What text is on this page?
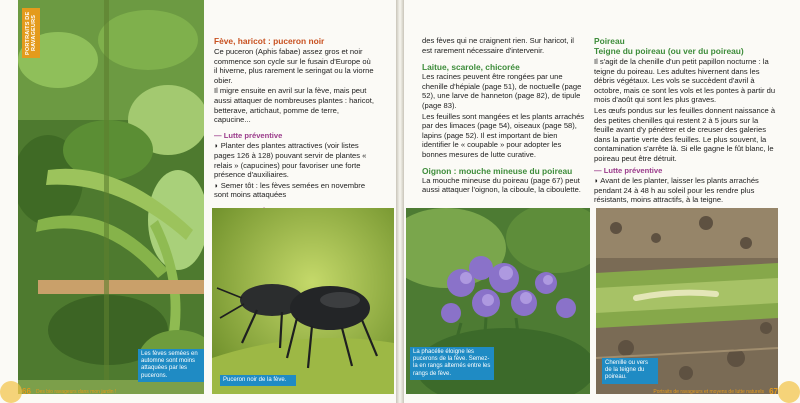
PORTRAITS DE RAVAGEURS
Les fèves semées en automne sont moins attaquées par les pucerons.
Fève, haricot : puceron noir

Ce puceron (Aphis fabae) assez gros et noir commence son cycle sur le fusain d'Europe où il hiverne, plus rarement le seringat ou la viorne obier.

Il migre ensuite en avril sur la fève, mais peut aussi attaquer de nombreuses plantes : haricot, betterave, artichaut, pomme de terre, capucine...

— Lutte préventive

◗ Planter des plantes attractives (voir listes pages 126 à 128) pouvant servir de plantes « relais » (capucines) pour favoriser une forte présence d'auxiliaires.

◗ Semer tôt : les fèves semées en novembre sont moins attaquées

Puceron noir de la fève.
66 Des bio ravageurs dans mon jardin !

des fèves qui ne craignent rien. Sur haricot, il est rarement nécessaire d'intervenir.

Laitue, scarole, chicorée

Les racines peuvent être rongées par une chenille d'hépiale (page 51), de noctuelle (page 52), une larve de hanneton (page 82), de tipule (page 83).

Les feuilles sont mangées et les plants arrachés par des limaces (page 54), oiseaux (page 58), lapins (page 52). Il est important de bien identifier le « coupable » pour adopter les bonnes mesures de lutte curative.

Oignon : mouche mineuse du poireau

La mouche mineuse du poireau (page 67) peut aussi attaquer l'oignon, la ciboule, la ciboulette.

Poireau
Teigne du poireau (ou ver du poireau)

Il s'agit de la chenille d'un petit papillon nocturne : la teigne du poireau. Les adultes hivernent dans les débris végétaux. Les vols se succèdent d'avril à octobre, mais ce sont les vols et les pontes à partir du mois d'août qui sont les plus graves.

Les œufs pondus sur les feuilles donnent naissance à des petites chenilles qui restent 2 à 5 jours sur la feuille avant d'y pénétrer et de creuser des galeries dans la partie verte des feuilles. Le plus souvent, la contamination s'arrête là. Si elle gagne le fût blanc, le poireau peut être détruit.

— Lutte préventive

◗ Avant de les planter, laisser les plants arrachés pendant 24 à 48 h au soleil pour les rendre plus résistants, moins attractifs, à la teigne.

La phacélie éloigne les pucerons de la fève. Semez-la en rangs alternés entre les rangs de fève.
Chenille ou vers de la teigne du poireau.
Portraits de ravageurs et moyens de lutte naturels 67
